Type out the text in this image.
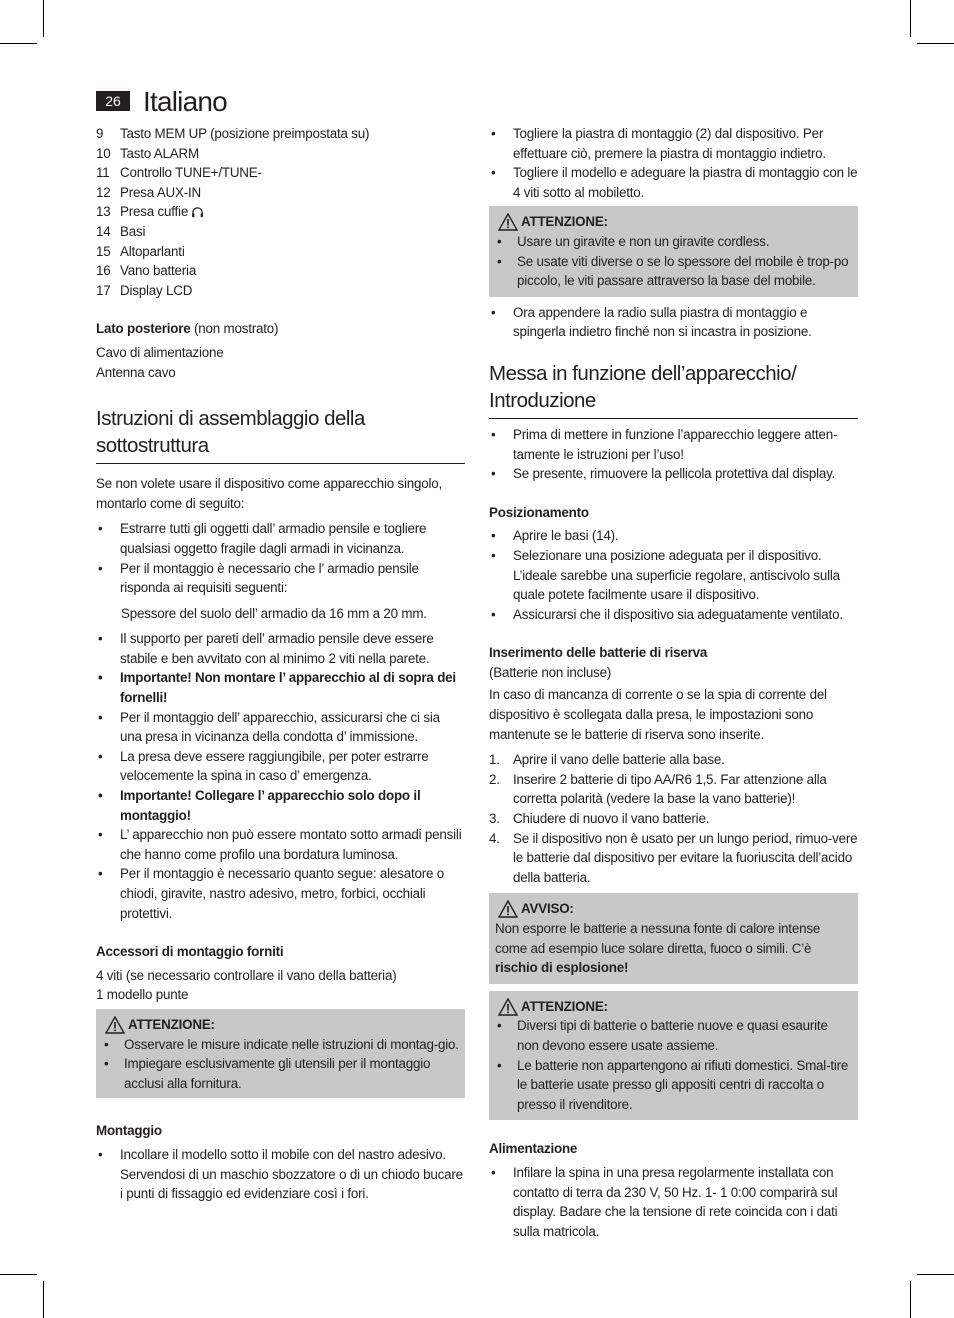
26 Italiano
9	Tasto MEM UP (posizione preimpostata su)
10 Tasto ALARM
11 Controllo TUNE+/TUNE-
12 Presa AUX-IN
13 Presa cuffie
14 Basi
15 Altoparlanti
16 Vano batteria
17 Display LCD

Lato posteriore (non mostrato)

Cavo di alimentazione

Antenna cavo

Istruzioni di assemblaggio della sottostruttura

Se non volete usare il dispositivo come apparecchio singolo, montarlo come di seguito:

• Estrarre tutti gli oggetti dall’ armadio pensile e togliere qualsiasi oggetto fragile dagli armadi in vicinanza.
• Per il montaggio è necessario che l’ armadio pensile risponda ai requisiti seguenti:

Spessore del suolo dell’ armadio da 16 mm a 20 mm.

• Il supporto per pareti dell’ armadio pensile deve essere stabile e ben avvitato con al minimo 2 viti nella parete.
• Importante! Non montare l’ apparecchio al di sopra dei fornelli!
• Per il montaggio dell’ apparecchio, assicurarsi che ci sia una presa in vicinanza della condotta d’ immissione.
• La presa deve essere raggiungibile, per poter estrarre velocemente la spina in caso d’ emergenza.
• Importante! Collegare l’ apparecchio solo dopo il montaggio!
• L’ apparecchio non può essere montato sotto armadi pensili che hanno come profilo una bordatura luminosa.
• Per il montaggio è necessario quanto segue: alesatore o chiodi, giravite, nastro adesivo, metro, forbici, occhiali protettivi.

Accessori di montaggio forniti

4 viti (se necessario controllare il vano della batteria)

1 modello punte

ATTENZIONE:
• Osservare le misure indicate nelle istruzioni di montag-gio.
• Impiegare esclusivamente gli utensili per il montaggio acclusi alla fornitura.

Montaggio

• Incollare il modello sotto il mobile con del nastro adesivo. Servendosi di un maschio sbozzatore o di un chiodo bucare i punti di fissaggio ed evidenziare così i fori.
• Togliere la piastra di montaggio (2) dal dispositivo. Per effettuare ciò, premere la piastra di montaggio indietro.
• Togliere il modello e adeguare la piastra di montaggio con le 4 viti sotto al mobiletto.
ATTENZIONE:
• Usare un giravite e non un giravite cordless.
• Se usate viti diverse o se lo spessore del mobile è trop-po piccolo, le viti passare attraverso la base del mobile.
• Ora appendere la radio sulla piastra di montaggio e spingerla indietro finché non si incastra in posizione.
Messa in funzione dell’apparecchio/ Introduzione
• Prima di mettere in funzione l’apparecchio leggere atten-tamente le istruzioni per l’uso!
• Se presente, rimuovere la pellicola protettiva dal display.

Posizionamento

• Aprire le basi (14).
• Selezionare una posizione adeguata per il dispositivo. L’ideale sarebbe una superficie regolare, antiscivolo sulla quale potete facilmente usare il dispositivo.
• Assicurarsi che il dispositivo sia adeguatamente ventilato.

Inserimento delle batterie di riserva

(Batterie non incluse)

In caso di mancanza di corrente o se la spia di corrente del dispositivo è scollegata dalla presa, le impostazioni sono mantenute se le batterie di riserva sono inserite.

1. Aprire il vano delle batterie alla base.
2. Inserire 2 batterie di tipo AA/R6 1,5. Far attenzione alla corretta polarità (vedere la base la vano batterie)!
3. Chiudere di nuovo il vano batterie.
4. Se il dispositivo non è usato per un lungo period, rimuo-vere le batterie dal dispositivo per evitare la fuoriuscita dell’acido della batteria.
AVVISO:

Non esporre le batterie a nessuna fonte di calore intense come ad esempio luce solare diretta, fuoco o simili. C’è rischio di esplosione!

ATTENZIONE:
• Diversi tipi di batterie o batterie nuove e quasi esaurite non devono essere usate assieme.
• Le batterie non appartengono ai rifiuti domestici. Smal-tire le batterie usate presso gli appositi centri di raccolta o presso il rivenditore.

Alimentazione

• Infilare la spina in una presa regolarmente installata con contatto di terra da 230 V, 50 Hz. 1- 1 0:00 comparirà sul display. Badare che la tensione di rete coincida con i dati sulla matricola.
